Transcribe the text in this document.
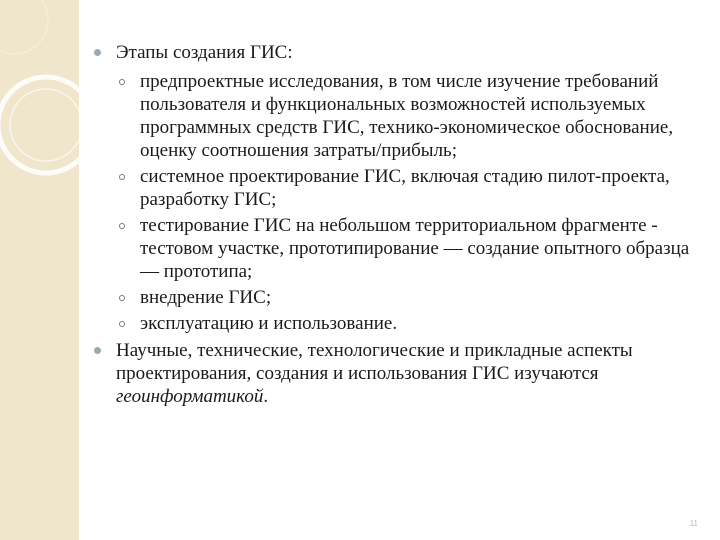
Этапы создания ГИС:
предпроектные исследования, в том числе изучение требований пользователя и функциональных возможностей используемых программных средств ГИС, технико-экономическое обоснование, оценку соотношения затраты/прибыль;
системное проектирование ГИС, включая стадию пилот-проекта, разработку ГИС;
тестирование ГИС на небольшом территориальном фрагменте - тестовом участке, прототипирование — создание опытного образца — прототипа;
внедрение ГИС;
эксплуатацию и использование.
Научные, технические, технологические и прикладные аспекты проектирования, создания и использования ГИС изучаются геоинформатикой.
11
